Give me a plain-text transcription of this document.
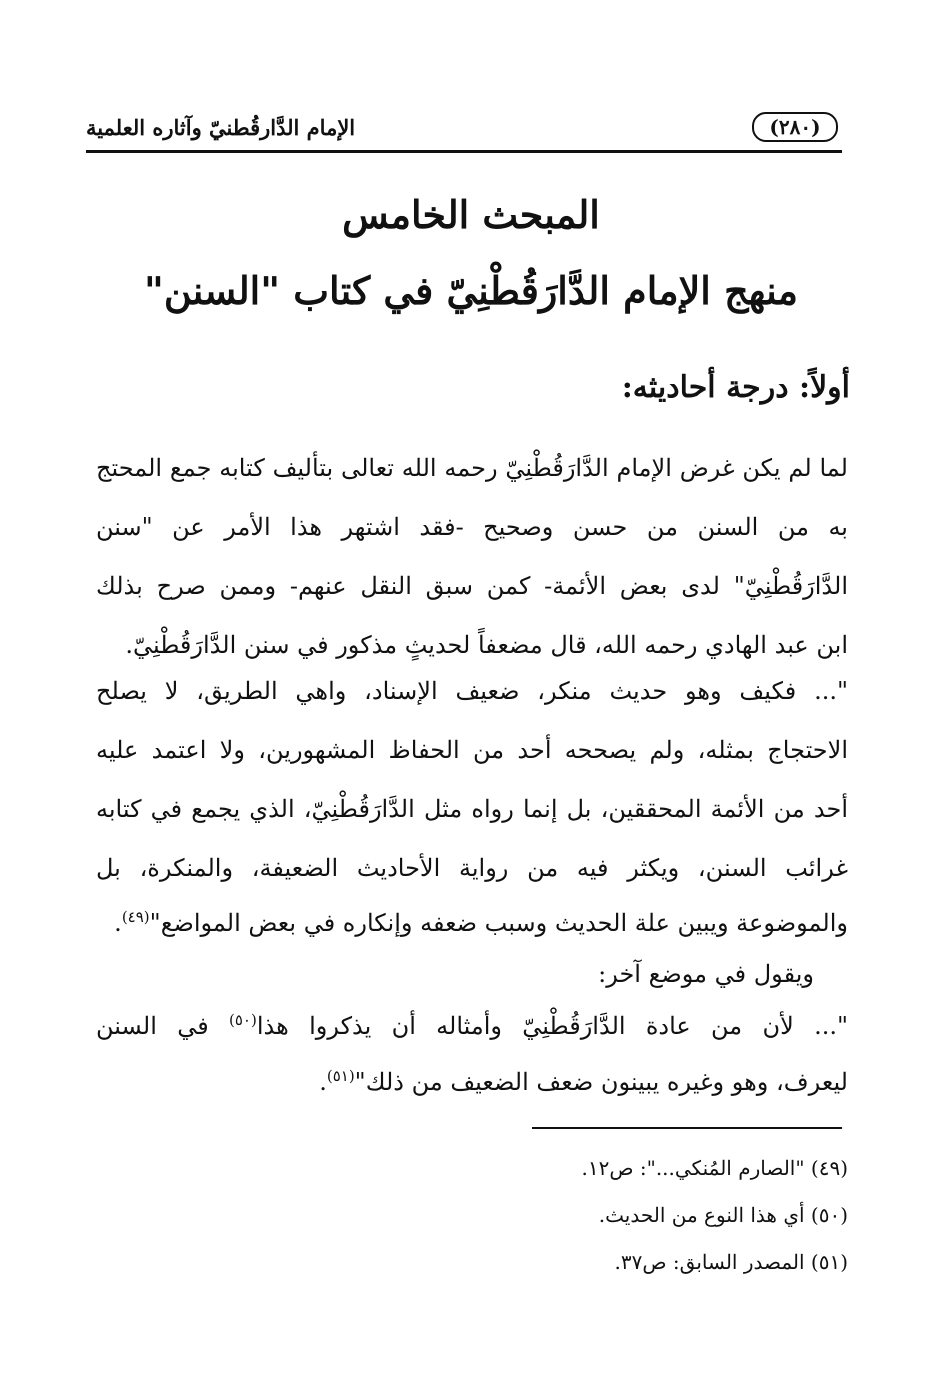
(٢٨٠)
الإمام الدَّارقُطنيّ وآثاره العلمية
المبحث الخامس
منهج الإمام الدَّارَقُطْنِيّ في كتاب "السنن"
أولاً: درجة أحاديثه:
لما لم يكن غرض الإمام الدَّارَقُطْنِيّ رحمه الله تعالى بتأليف كتابه جمع المحتج
به من السنن من حسن وصحيح -فقد اشتهر هذا الأمر عن "سنن
الدَّارَقُطْنِيّ" لدى بعض الأئمة- كمن سبق النقل عنهم- وممن صرح بذلك
ابن عبد الهادي رحمه الله، قال مضعفاً لحديثٍ مذكور في سنن الدَّارَقُطْنِيّ.
"... فكيف وهو حديث منكر، ضعيف الإسناد، واهي الطريق، لا يصلح
الاحتجاج بمثله، ولم يصححه أحد من الحفاظ المشهورين، ولا اعتمد عليه
أحد من الأئمة المحققين، بل إنما رواه مثل الدَّارَقُطْنِيّ، الذي يجمع في كتابه
غرائب السنن، ويكثر فيه من رواية الأحاديث الضعيفة، والمنكرة، بل
والموضوعة ويبين علة الحديث وسبب ضعفه وإنكاره في بعض المواضع"$^{(٤٩)}$.
ويقول في موضع آخر:
"... لأن من عادة الدَّارَقُطْنِيّ وأمثاله أن يذكروا هذا$^{(٥٠)}$ في السنن
ليعرف، وهو وغيره يبينون ضعف الضعيف من ذلك"$^{(٥١)}$.
(٤٩) "الصارم المُنكي...": ص١٢.
(٥٠) أي هذا النوع من الحديث.
(٥١) المصدر السابق: ص٣٧.
